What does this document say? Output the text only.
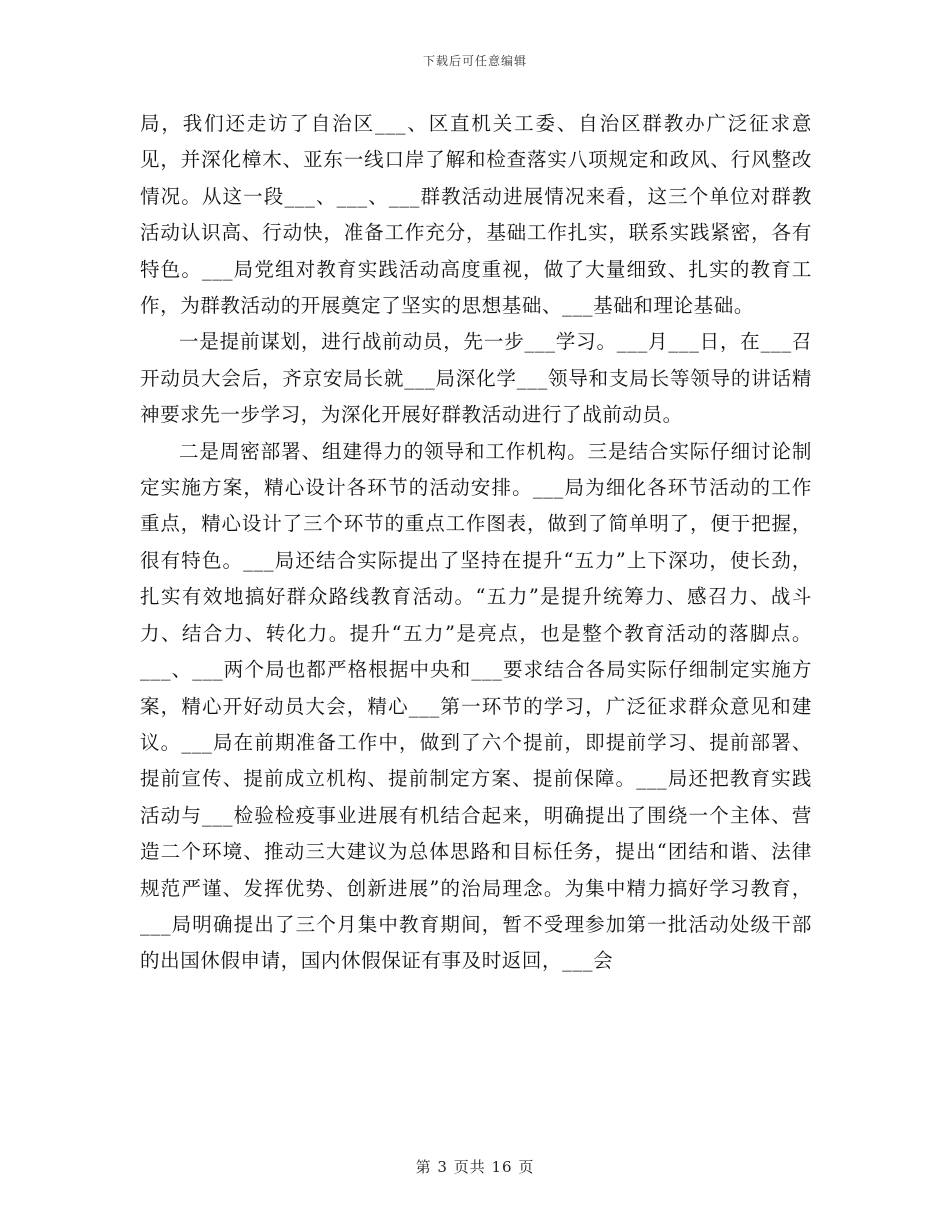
下载后可任意编辑

局，我们还走访了自治区___、区直机关工委、自治区群教办广泛征求意见，并深化樟木、亚东一线口岸了解和检查落实八项规定和政风、行风整改情况。从这一段___、___、___群教活动进展情况来看，这三个单位对群教活动认识高、行动快，准备工作充分，基础工作扎实，联系实践紧密，各有特色。___局党组对教育实践活动高度重视，做了大量细致、扎实的教育工作，为群教活动的开展奠定了坚实的思想基础、___基础和理论基础。

一是提前谋划，进行战前动员，先一步___学习。___月___日，在___召开动员大会后，齐京安局长就___局深化学___领导和支局长等领导的讲话精神要求先一步学习，为深化开展好群教活动进行了战前动员。

二是周密部署、组建得力的领导和工作机构。三是结合实际仔细讨论制定实施方案，精心设计各环节的活动安排。___局为细化各环节活动的工作重点，精心设计了三个环节的重点工作图表，做到了简单明了，便于把握，很有特色。___局还结合实际提出了坚持在提升“五力”上下深功，使长劲，扎实有效地搞好群众路线教育活动。“五力”是提升统筹力、感召力、战斗力、结合力、转化力。提升“五力”是亮点，也是整个教育活动的落脚点。___、___两个局也都严格根据中央和___要求结合各局实际仔细制定实施方案，精心开好动员大会，精心___第一环节的学习，广泛征求群众意见和建议。___局在前期准备工作中，做到了六个提前，即提前学习、提前部署、提前宣传、提前成立机构、提前制定方案、提前保障。___局还把教育实践活动与___检验检疫事业进展有机结合起来，明确提出了围绕一个主体、营造二个环境、推动三大建议为总体思路和目标任务，提出“团结和谐、法律规范严谨、发挥优势、创新进展”的治局理念。为集中精力搞好学习教育，___局明确提出了三个月集中教育期间，暂不受理参加第一批活动处级干部的出国休假申请，国内休假保证有事及时返回，___会

第 3 页共 16 页
